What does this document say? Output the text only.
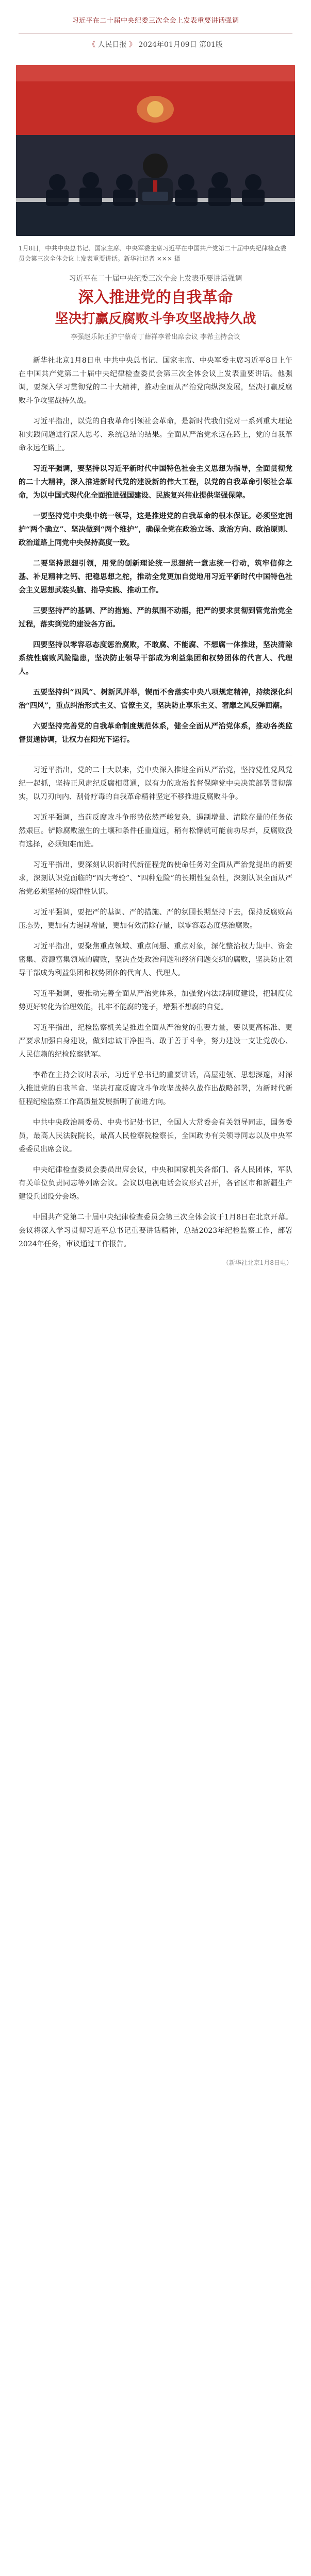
习近平在二十届中央纪委三次全会上发表重要讲话强调
《 人民日报 》 2024年01月09日 第01版
1月8日，中共中央总书记、国家主席、中央军委主席习近平在中国共产党第二十届中央纪律检查委员会第三次全体会议上发表重要讲话。新华社记者 ××× 摄
习近平在二十届中央纪委三次全会上发表重要讲话强调
深入推进党的自我革命
坚决打赢反腐败斗争攻坚战持久战
李强赵乐际王沪宁蔡奇丁薛祥李希出席会议 李希主持会议

新华社北京1月8日电 中共中央总书记、国家主席、中央军委主席习近平8日上午在中国共产党第二十届中央纪律检查委员会第三次全体会议上发表重要讲话。他强调，要深入学习贯彻党的二十大精神，推动全面从严治党向纵深发展，坚决打赢反腐败斗争攻坚战持久战。

习近平指出，以党的自我革命引领社会革命，是新时代我们党对一系列重大理论和实践问题进行深入思考、系统总结的结果。全面从严治党永远在路上，党的自我革命永远在路上。

习近平强调，要坚持以习近平新时代中国特色社会主义思想为指导，全面贯彻党的二十大精神，深入推进新时代党的建设新的伟大工程，以党的自我革命引领社会革命，为以中国式现代化全面推进强国建设、民族复兴伟业提供坚强保障。

一要坚持党中央集中统一领导，这是推进党的自我革命的根本保证。必须坚定拥护“两个确立”、坚决做到“两个维护”，确保全党在政治立场、政治方向、政治原则、政治道路上同党中央保持高度一致。

二要坚持思想引领，用党的创新理论统一思想统一意志统一行动，筑牢信仰之基、补足精神之钙、把稳思想之舵，推动全党更加自觉地用习近平新时代中国特色社会主义思想武装头脑、指导实践、推动工作。

三要坚持严的基调、严的措施、严的氛围不动摇，把严的要求贯彻到管党治党全过程，落实到党的建设各方面。

四要坚持以零容忍态度惩治腐败，不敢腐、不能腐、不想腐一体推进，坚决清除系统性腐败风险隐患，坚决防止领导干部成为利益集团和权势团体的代言人、代理人。

五要坚持纠“四风”、树新风并举，锲而不舍落实中央八项规定精神，持续深化纠治“四风”，重点纠治形式主义、官僚主义，坚决防止享乐主义、奢靡之风反弹回潮。

六要坚持完善党的自我革命制度规范体系，健全全面从严治党体系，推动各类监督贯通协调，让权力在阳光下运行。

习近平指出，党的二十大以来，党中央深入推进全面从严治党，坚持党性党风党纪一起抓，坚持正风肃纪反腐相贯通，以有力的政治监督保障党中央决策部署贯彻落实，以刀刃向内、刮骨疗毒的自我革命精神坚定不移推进反腐败斗争。

习近平强调，当前反腐败斗争形势依然严峻复杂，遏制增量、清除存量的任务依然艰巨。铲除腐败滋生的土壤和条件任重道远，稍有松懈就可能前功尽弃，反腐败没有选择，必须知难而进。

习近平指出，要深刻认识新时代新征程党的使命任务对全面从严治党提出的新要求，深刻认识党面临的“四大考验”、“四种危险”的长期性复杂性，深刻认识全面从严治党必须坚持的规律性认识。

习近平强调，要把严的基调、严的措施、严的氛围长期坚持下去，保持反腐败高压态势，更加有力遏制增量，更加有效清除存量，以零容忍态度惩治腐败。

习近平指出，要聚焦重点领域、重点问题、重点对象，深化整治权力集中、资金密集、资源富集领域的腐败，坚决查处政治问题和经济问题交织的腐败，坚决防止领导干部成为利益集团和权势团体的代言人、代理人。

习近平强调，要推动完善全面从严治党体系，加强党内法规制度建设，把制度优势更好转化为治理效能，扎牢不能腐的笼子，增强不想腐的自觉。

习近平指出，纪检监察机关是推进全面从严治党的重要力量，要以更高标准、更严要求加强自身建设，做到忠诚干净担当、敢于善于斗争，努力建设一支让党放心、人民信赖的纪检监察铁军。

李希在主持会议时表示，习近平总书记的重要讲话，高屋建瓴、思想深邃，对深入推进党的自我革命、坚决打赢反腐败斗争攻坚战持久战作出战略部署，为新时代新征程纪检监察工作高质量发展指明了前进方向。

中共中央政治局委员、中央书记处书记，全国人大常委会有关领导同志，国务委员，最高人民法院院长，最高人民检察院检察长，全国政协有关领导同志以及中央军委委员出席会议。

中央纪律检查委员会委员出席会议，中央和国家机关各部门、各人民团体，军队有关单位负责同志等列席会议。会议以电视电话会议形式召开，各省区市和新疆生产建设兵团设分会场。

中国共产党第二十届中央纪律检查委员会第三次全体会议于1月8日在北京开幕。会议将深入学习贯彻习近平总书记重要讲话精神，总结2023年纪检监察工作，部署2024年任务，审议通过工作报告。

（新华社北京1月8日电）
